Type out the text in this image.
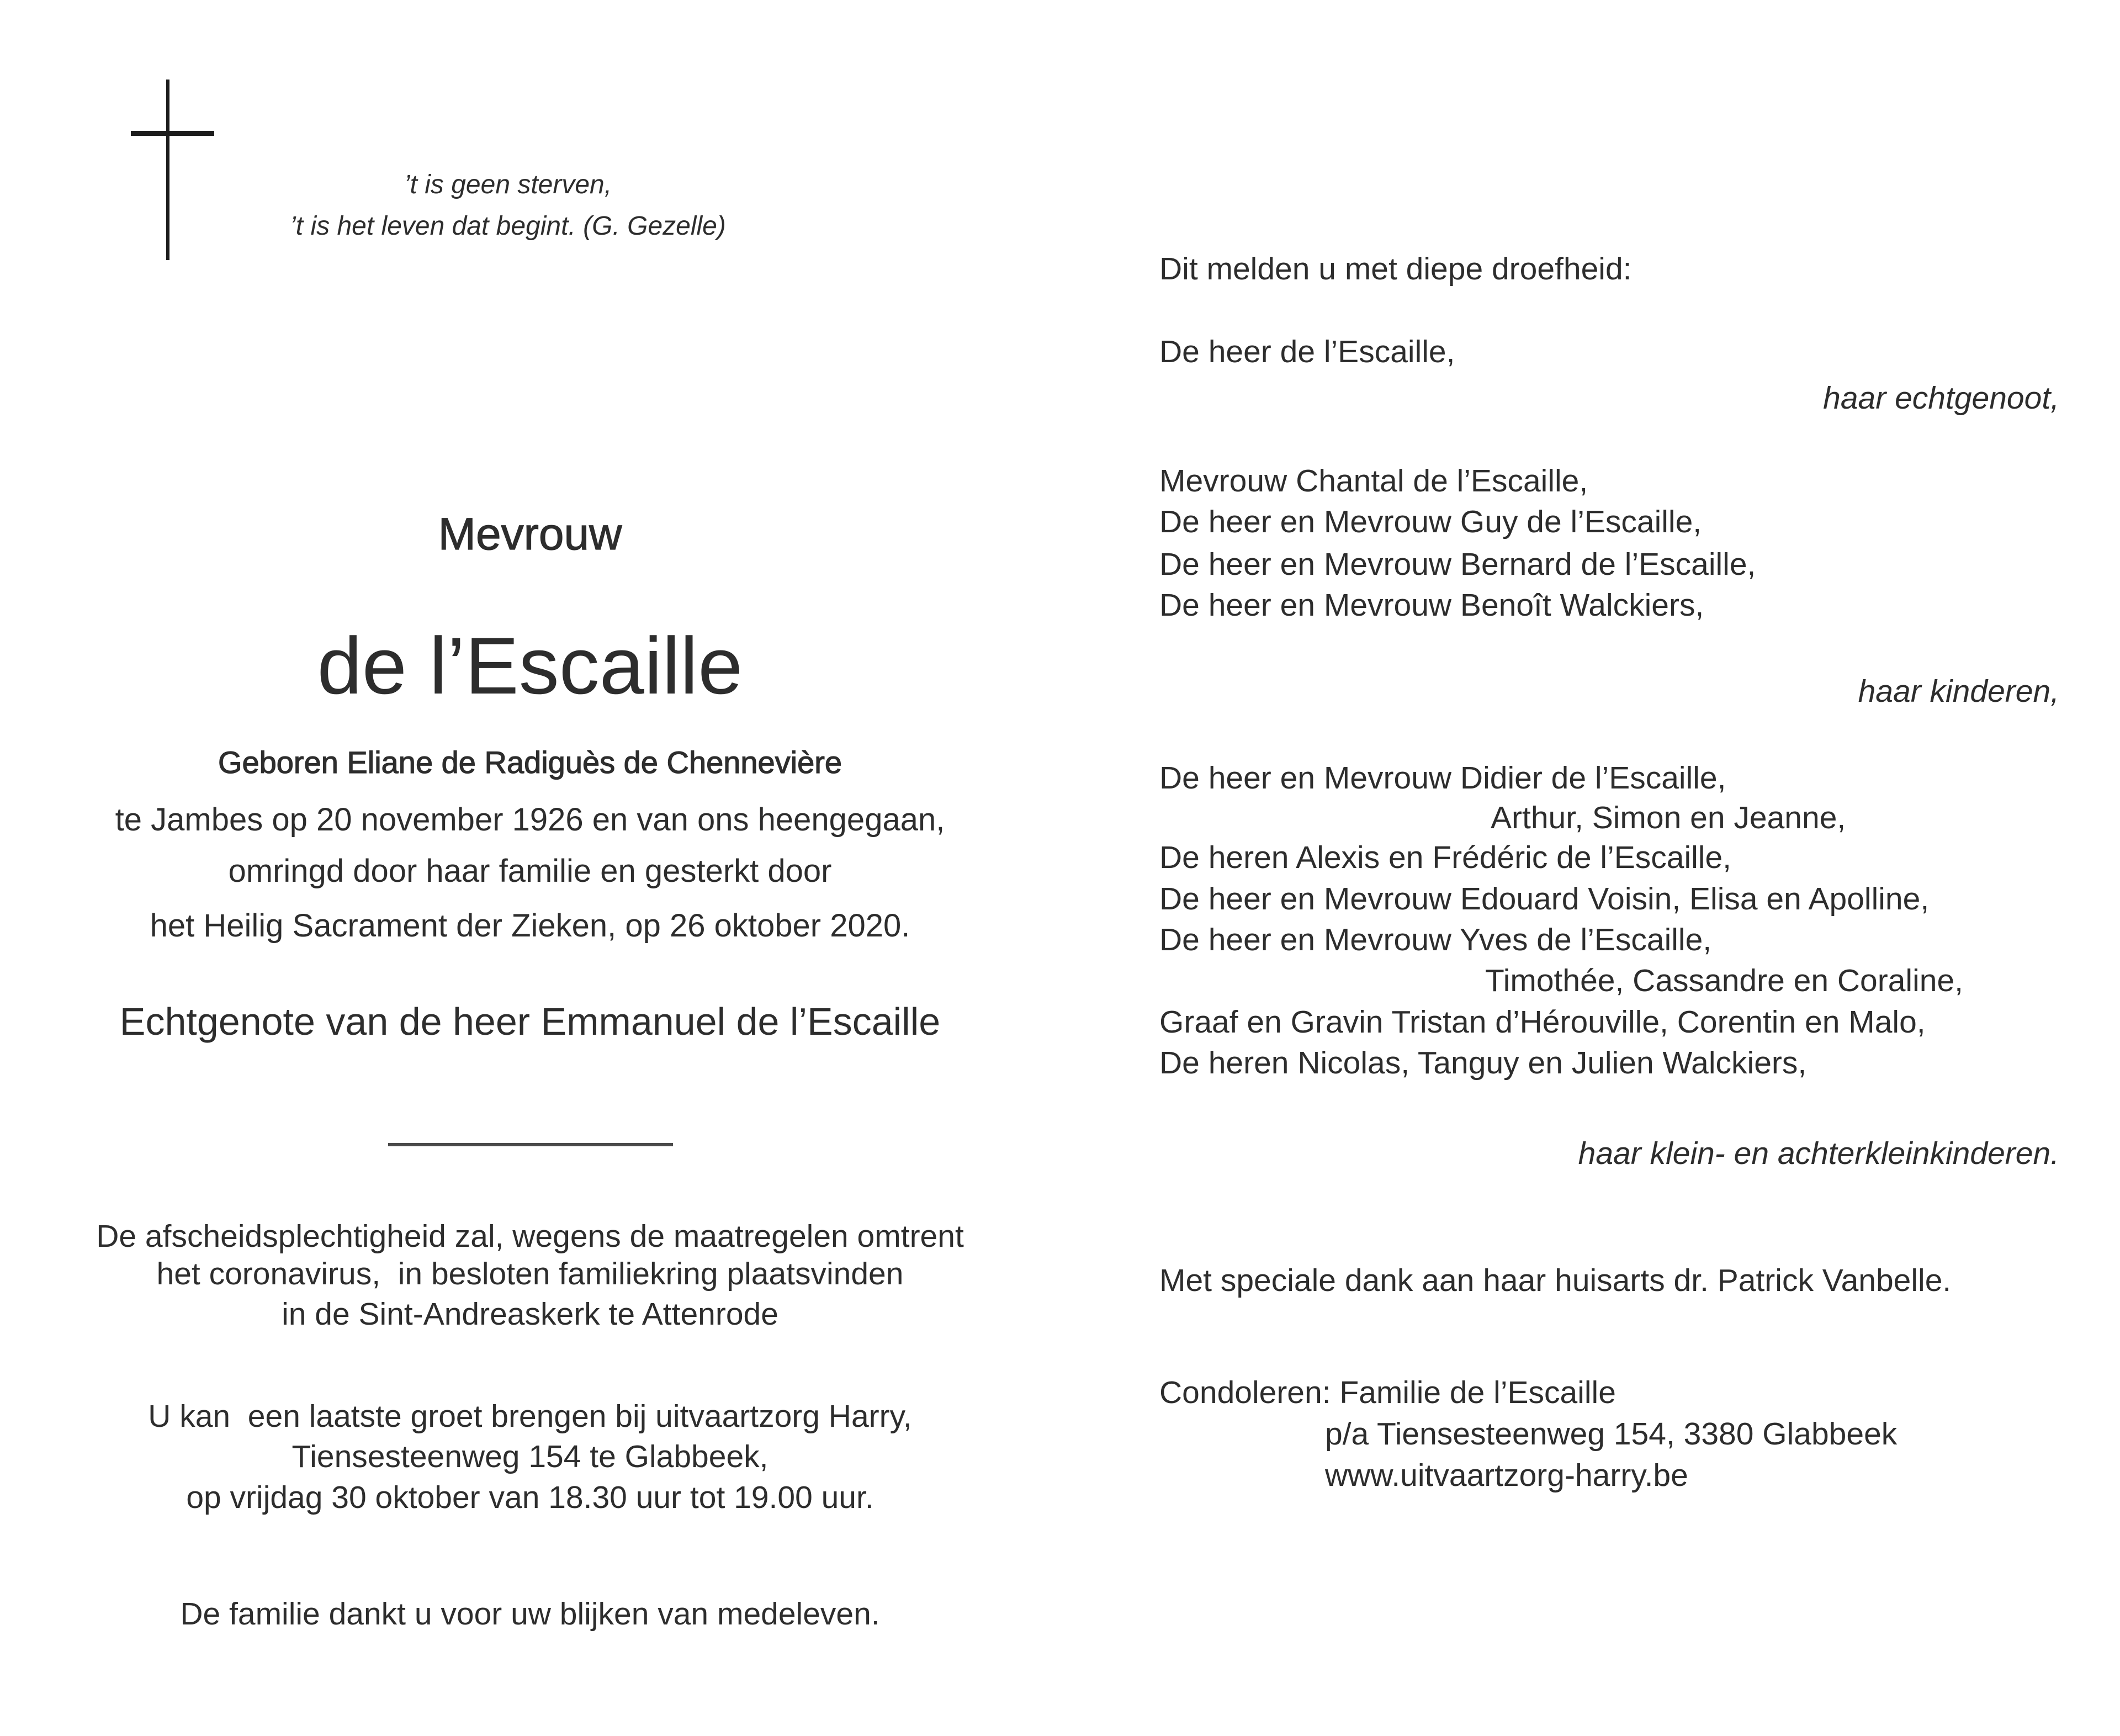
’t is geen sterven,
’t is het leven dat begint. (G. Gezelle)
Mevrouw
de l’Escaille
Geboren Eliane de Radiguès de Chennevière
te Jambes op 20 november 1926 en van ons heengegaan,
omringd door haar familie en gesterkt door
het Heilig Sacrament der Zieken, op 26 oktober 2020.
Echtgenote van de heer Emmanuel de l’Escaille
De afscheidsplechtigheid zal, wegens de maatregelen omtrent
het coronavirus,  in besloten familiekring plaatsvinden
in de Sint-Andreaskerk te Attenrode
U kan  een laatste groet brengen bij uitvaartzorg Harry,
Tiensesteenweg 154 te Glabbeek,
op vrijdag 30 oktober van 18.30 uur tot 19.00 uur.
De familie dankt u voor uw blijken van medeleven.
Dit melden u met diepe droefheid:
De heer de l’Escaille,
haar echtgenoot,
Mevrouw Chantal de l’Escaille,
De heer en Mevrouw Guy de l’Escaille,
De heer en Mevrouw Bernard de l’Escaille,
De heer en Mevrouw Benoît Walckiers,
haar kinderen,
De heer en Mevrouw Didier de l’Escaille,
Arthur, Simon en Jeanne,
De heren Alexis en Frédéric de l’Escaille,
De heer en Mevrouw Edouard Voisin, Elisa en Apolline,
De heer en Mevrouw Yves de l’Escaille,
Timothée, Cassandre en Coraline,
Graaf en Gravin Tristan d’Hérouville, Corentin en Malo,
De heren Nicolas, Tanguy en Julien Walckiers,
haar klein- en achterkleinkinderen.
Met speciale dank aan haar huisarts dr. Patrick Vanbelle.
Condoleren: Familie de l’Escaille
p/a Tiensesteenweg 154, 3380 Glabbeek
www.uitvaartzorg-harry.be
